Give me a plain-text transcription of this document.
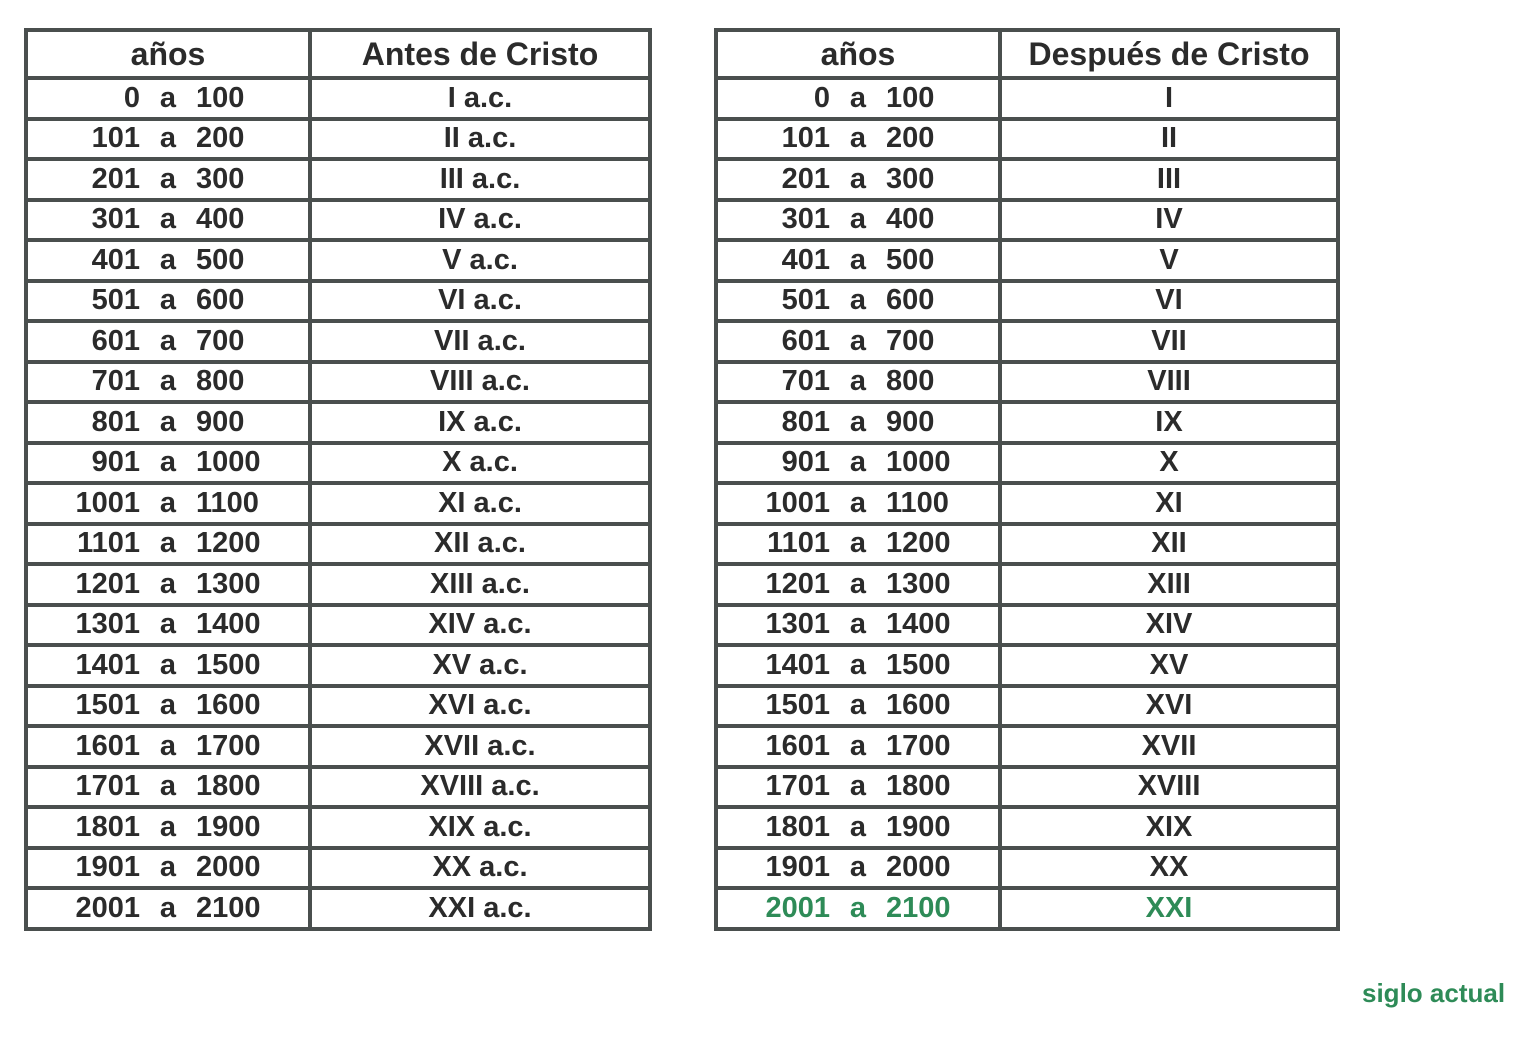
años	Antes de Cristo

0 a 100	I a.c.

101 a 200	II a.c.

201 a 300	III a.c.

301 a 400	IV a.c.

401 a 500	V a.c.

501 a 600	VI a.c.

601 a 700	VII a.c.

701 a 800	VIII a.c.

801 a 900	IX a.c.

901 a 1000	X a.c.

1001 a 1100	XI a.c.

1101 a 1200	XII a.c.

1201 a 1300	XIII a.c.

1301 a 1400	XIV a.c.

1401 a 1500	XV a.c.

1501 a 1600	XVI a.c.

1601 a 1700	XVII a.c.

1701 a 1800	XVIII a.c.

1801 a 1900	XIX a.c.

1901 a 2000	XX a.c.

2001 a 2100	XXI a.c.
años	Después de Cristo

0 a 100	I

101 a 200	II

201 a 300	III

301 a 400	IV

401 a 500	V

501 a 600	VI

601 a 700	VII

701 a 800	VIII

801 a 900	IX

901 a 1000	X

1001 a 1100	XI

1101 a 1200	XII

1201 a 1300	XIII

1301 a 1400	XIV

1401 a 1500	XV

1501 a 1600	XVI

1601 a 1700	XVII

1701 a 1800	XVIII

1801 a 1900	XIX

1901 a 2000	XX

2001 a 2100	XXI
siglo actual
